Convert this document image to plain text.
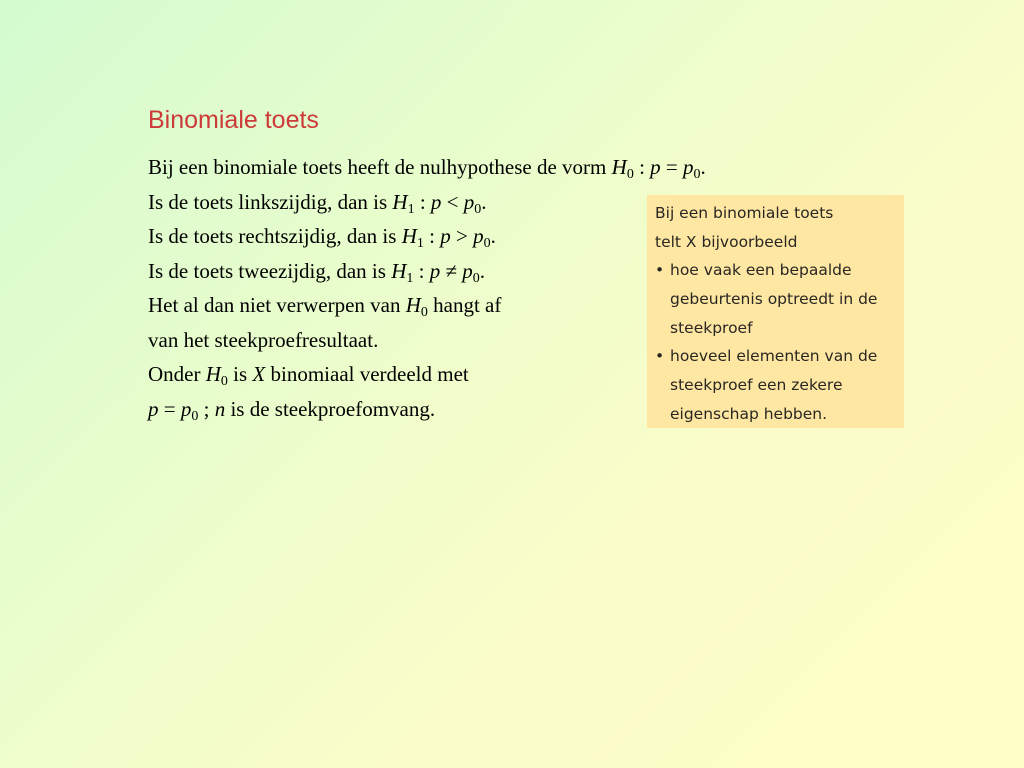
Binomiale toets
Bij een binomiale toets heeft de nulhypothese de vorm $H_0$ : $p = p_0$.
Is de toets linkszijdig, dan is $H_1$ : $p < p_0$.
Is de toets rechtszijdig, dan is $H_1$ : $p > p_0$.
Is de toets tweezijdig, dan is $H_1$ : $p \ne p_0$.
Het al dan niet verwerpen van $H_0$ hangt af
van het steekproefresultaat.
Onder $H_0$ is X binomiaal verdeeld met
$p = p_0$ ; n is de steekproefomvang.
Bij een binomiale toets
telt X bijvoorbeeld
• hoe vaak een bepaalde
gebeurtenis optreedt in de
steekproef
• hoeveel elementen van de
steekproef een zekere
eigenschap hebben.
